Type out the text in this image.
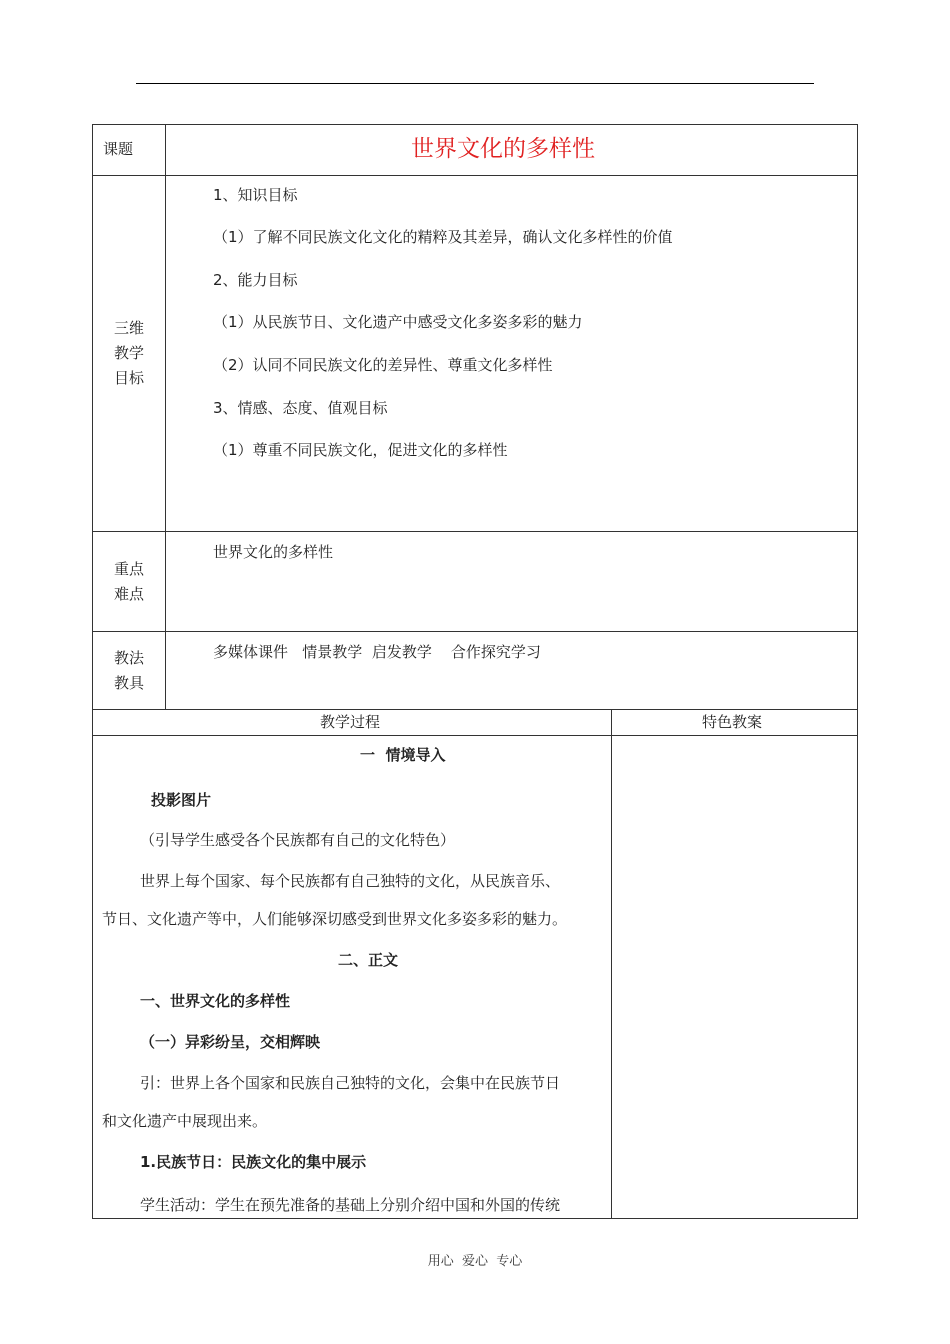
课题	世界文化的多样性
三维
教学
目标
1、知识目标
（1）了解不同民族文化文化的精粹及其差异，确认文化多样性的价值
2、能力目标
（1）从民族节日、文化遗产中感受文化多姿多彩的魅力
（2）认同不同民族文化的差异性、尊重文化多样性
3、情感、态度、值观目标
（1）尊重不同民族文化，促进文化的多样性
重点
难点
世界文化的多样性
教法
教具
多媒体课件   情景教学  启发教学    合作探究学习
教学过程	特色教案
一  情境导入
投影图片
（引导学生感受各个民族都有自己的文化特色）
世界上每个国家、每个民族都有自己独特的文化，从民族音乐、
节日、文化遗产等中，人们能够深切感受到世界文化多姿多彩的魅力。
二、正文
一、世界文化的多样性
（一）异彩纷呈，交相辉映
引：世界上各个国家和民族自己独特的文化，会集中在民族节日
和文化遗产中展现出来。
1.民族节日：民族文化的集中展示
学生活动：学生在预先准备的基础上分别介绍中国和外国的传统
用心  爱心  专心
